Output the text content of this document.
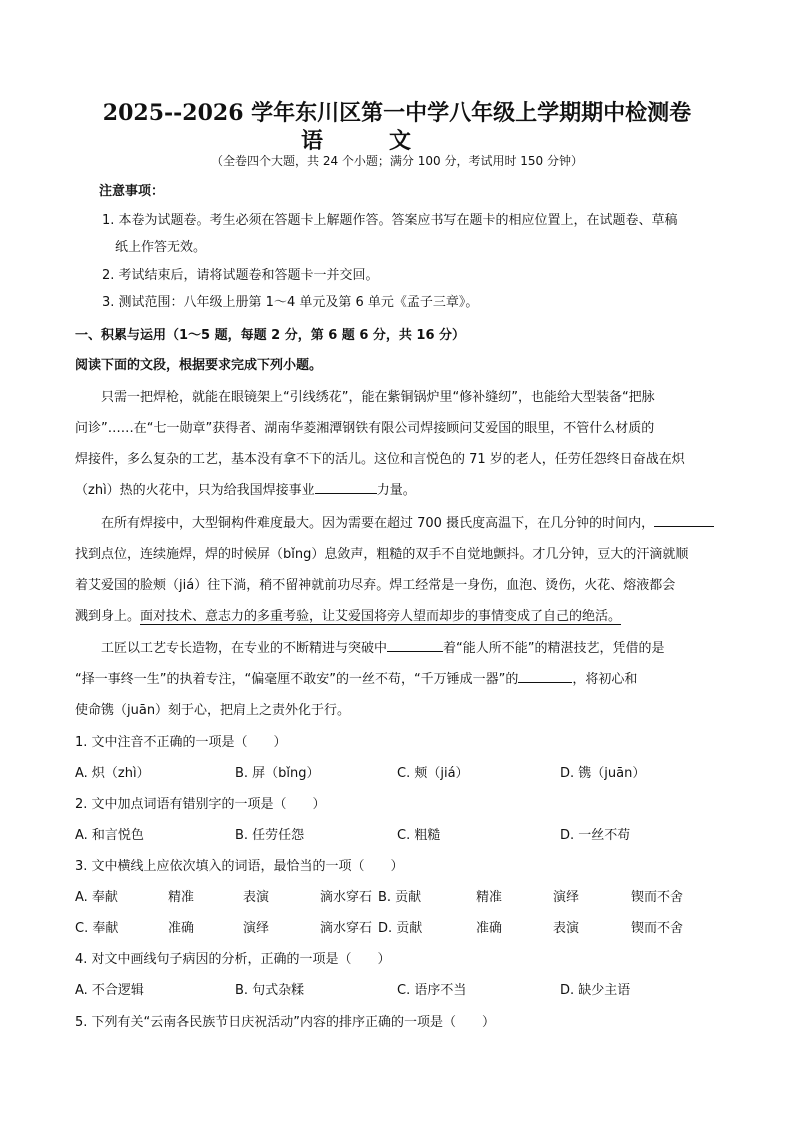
2025--2026 学年东川区第一中学八年级上学期期中检测卷
语　文
（全卷四个大题，共 24 个小题；满分 100 分，考试用时 150 分钟）
注意事项：
1. 本卷为试题卷。考生必须在答题卡上解题作答。答案应书写在题卡的相应位置上，在试题卷、草稿
纸上作答无效。
2. 考试结束后，请将试题卷和答题卡一并交回。
3. 测试范围：八年级上册第 1～4 单元及第 6 单元《孟子三章》。
一、积累与运用（1～5 题，每题 2 分，第 6 题 6 分，共 16 分）
阅读下面的文段，根据要求完成下列小题。
只需一把焊枪，就能在眼镜架上“引线绣花”，能在紫铜锅炉里“修补缝纫”，也能给大型装备“把脉
问诊”……在“七一勋章”获得者、湖南华菱湘潭钢铁有限公司焊接顾问艾爱国的眼里，不管什么材质的
焊接件，多么复杂的工艺，基本没有拿不下的活儿。这位和言悦色的 71 岁的老人，任劳任怨终日奋战在炽
（zhì）热的火花中，只为给我国焊接事业	力量。
在所有焊接中，大型铜构件难度最大。因为需要在超过 700 摄氏度高温下，在几分钟的时间内，
找到点位，连续施焊，焊的时候屏（bǐng）息敛声，粗糙的双手不自觉地颤抖。才几分钟，豆大的汗滴就顺
着艾爱国的脸颊（jiá）往下淌，稍不留神就前功尽弃。焊工经常是一身伤，血泡、烫伤，火花、熔液都会
溅到身上。面对技术、意志力的多重考验，让艾爱国将旁人望而却步的事情变成了自己的绝活。
工匠以工艺专长造物，在专业的不断精进与突破中	着“能人所不能”的精湛技艺，凭借的是
“择一事终一生”的执着专注，“偏毫厘不敢安”的一丝不苟，“千万锤成一器”的	，将初心和
使命镌（juān）刻于心，把肩上之责外化于行。
1. 文中注音不正确的一项是（　　）
A. 炽（zhì）	B. 屏（bǐng）	C. 颊（jiá）	D. 镌（juān）
2. 文中加点词语有错别字的一项是（　　）
A. 和言悦色	B. 任劳任怨	C. 粗糙	D. 一丝不苟
3. 文中横线上应依次填入的词语，最恰当的一项（　　）
A. 奉献	精准	表演	滴水穿石 B. 贡献	精准	演绎	锲而不舍
C. 奉献	准确	演绎	滴水穿石 D. 贡献	准确	表演	锲而不舍
4. 对文中画线句子病因的分析，正确的一项是（　　）
A. 不合逻辑	B. 句式杂糅	C. 语序不当	D. 缺少主语
5. 下列有关“云南各民族节日庆祝活动”内容的排序正确的一项是（　　）
